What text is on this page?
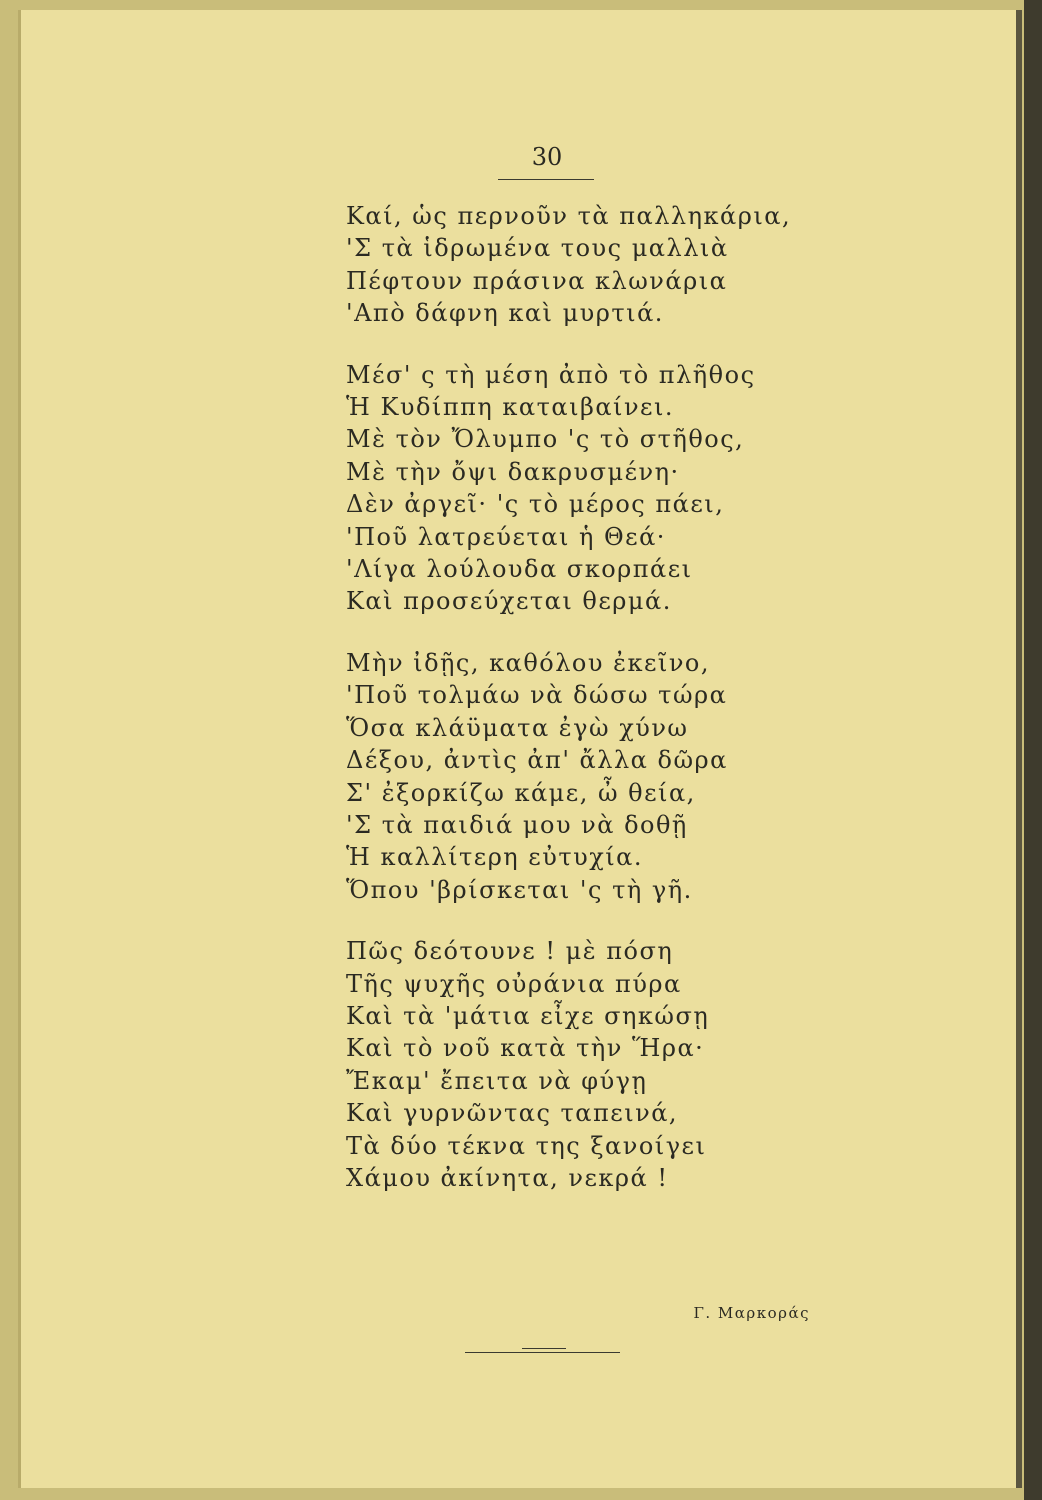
30
Καί, ὡς περνοῦν τὰ παλληκάρια,
'Σ τὰ ἱδρωμένα τους μαλλιὰ
Πέφτουν πράσινα κλωνάρια
'Απὸ δάφνη καὶ μυρτιά.
Μέσ' ς τὴ μέση ἀπὸ τὸ πλῆθος
Ἡ Κυδίππη καταιβαίνει.
Μὲ τὸν Ὄλυμπο 'ς τὸ στῆθος,
Μὲ τὴν ὄψι δακρυσμένη·
Δὲν ἀργεῖ· 'ς τὸ μέρος πάει,
'Ποῦ λατρεύεται ἡ Θεά·
'Λίγα λούλουδα σκορπάει
Καὶ προσεύχεται θερμά.
Μὴν ἰδῇς, καθόλου ἐκεῖνο,
'Ποῦ τολμάω νὰ δώσω τώρα
Ὅσα κλάϋματα ἐγὼ χύνω
Δέξου, ἀντὶς ἀπ' ἄλλα δῶρα
Σ' ἐξορκίζω κάμε, ὦ θεία,
'Σ τὰ παιδιά μου νὰ δοθῇ
Ἡ καλλίτερη εὐτυχία.
Ὅπου 'βρίσκεται 'ς τὴ γῆ.
Πῶς δεότουνε ! μὲ πόση
Τῆς ψυχῆς οὐράνια πύρα
Καὶ τὰ 'μάτια εἶχε σηκώσῃ
Καὶ τὸ νοῦ κατὰ τὴν Ἥρα·
Ἔκαμ' ἔπειτα νὰ φύγῃ
Καὶ γυρνῶντας ταπεινά,
Τὰ δύο τέκνα της ξανοίγει
Χάμου ἀκίνητα, νεκρά !
Γ. Μαρκοράς
